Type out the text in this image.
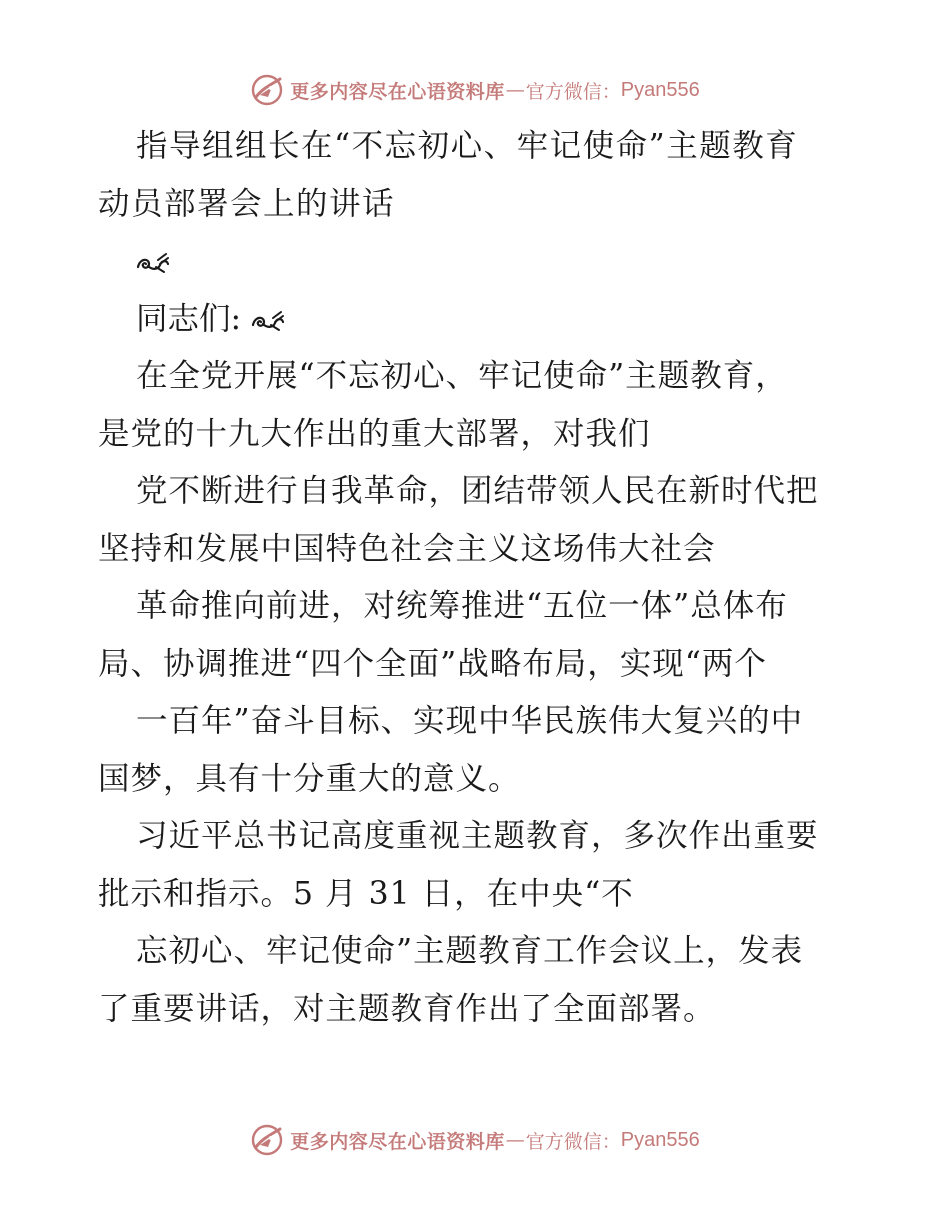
更多内容尽在心语资料库 — 官方微信： Pyan556
指导组组长在“不忘初心、牢记使命”主题教育
动员部署会上的讲话
同志们:
在全党开展“不忘初心、牢记使命”主题教育，
是党的十九大作出的重大部署，对我们
党不断进行自我革命，团结带领人民在新时代把
坚持和发展中国特色社会主义这场伟大社会
革命推向前进，对统筹推进“五位一体”总体布
局、协调推进“四个全面”战略布局，实现“两个
一百年”奋斗目标、实现中华民族伟大复兴的中
国梦，具有十分重大的意义。
习近平总书记高度重视主题教育，多次作出重要
批示和指示。5 月 31 日，在中央“不
忘初心、牢记使命”主题教育工作会议上，发表
了重要讲话，对主题教育作出了全面部署。
更多内容尽在心语资料库 — 官方微信： Pyan556
